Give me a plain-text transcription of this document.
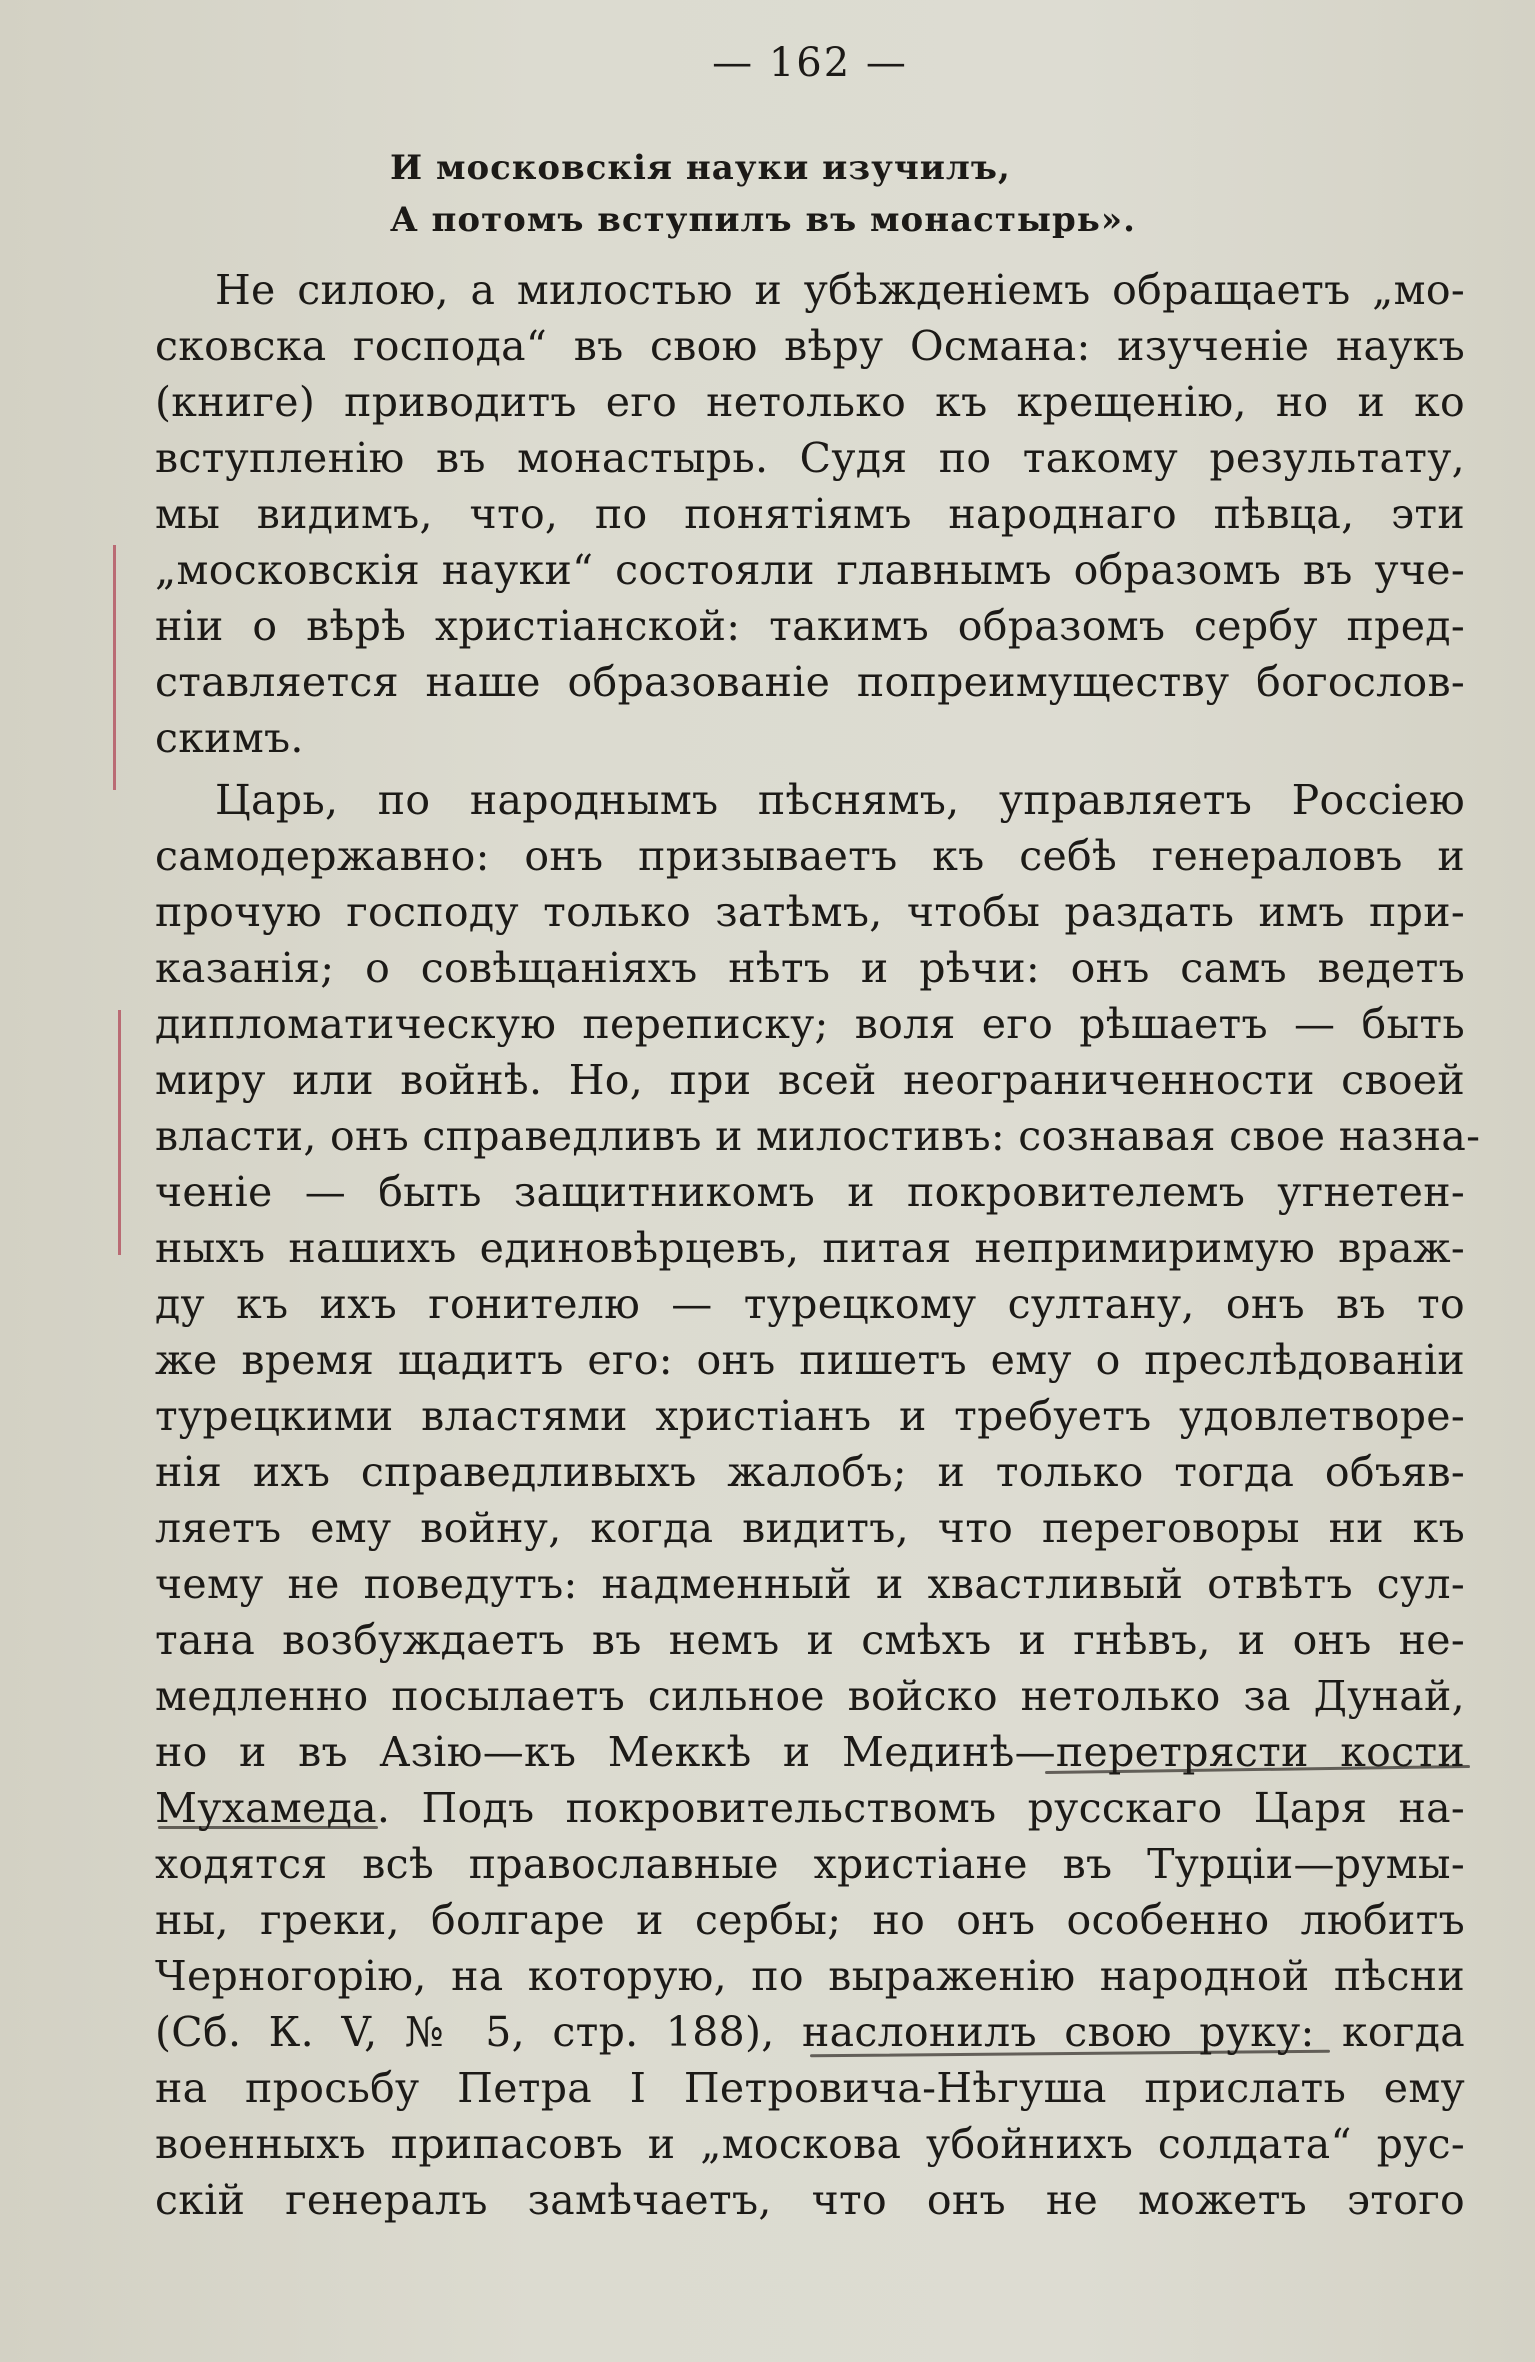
— 162 —
И московскія науки изучилъ,
А потомъ вступилъ въ монастырь».
Не силою, а милостью и убѣжденіемъ обращаетъ „мо-
сковска господа“ въ свою вѣру Османа: изученіе наукъ
(книге) приводитъ его нетолько къ крещенію, но и ко
вступленію въ монастырь. Судя по такому результату,
мы видимъ, что, по понятіямъ народнаго пѣвца, эти
„московскія науки“ состояли главнымъ образомъ въ уче-
ніи о вѣрѣ христіанской: такимъ образомъ сербу пред-
ставляется наше образованіе попреимуществу богослов-
скимъ.
Царь, по народнымъ пѣснямъ, управляетъ Россіею
самодержавно: онъ призываетъ къ себѣ генераловъ и
прочую господу только затѣмъ, чтобы раздать имъ при-
казанія; о совѣщаніяхъ нѣтъ и рѣчи: онъ самъ ведетъ
дипломатическую переписку; воля его рѣшаетъ — быть
миру или войнѣ. Но, при всей неограниченности своей
власти, онъ справедливъ и милостивъ: сознавая свое назна-
ченіе — быть защитникомъ и покровителемъ угнетен-
ныхъ нашихъ единовѣрцевъ, питая непримиримую враж-
ду къ ихъ гонителю — турецкому султану, онъ въ то
же время щадитъ его: онъ пишетъ ему о преслѣдованіи
турецкими властями христіанъ и требуетъ удовлетворе-
нія ихъ справедливыхъ жалобъ; и только тогда объяв-
ляетъ ему войну, когда видитъ, что переговоры ни къ
чему не поведутъ: надменный и хвастливый отвѣтъ сул-
тана возбуждаетъ въ немъ и смѣхъ и гнѣвъ, и онъ не-
медленно посылаетъ сильное войско нетолько за Дунай,
но и въ Азію—къ Меккѣ и Мединѣ—перетрясти кости
Мухамеда. Подъ покровительствомъ русскаго Царя на-
ходятся всѣ православные христіане въ Турціи—румы-
ны, греки, болгаре и сербы; но онъ особенно любитъ
Черногорію, на которую, по выраженію народной пѣсни
(Сб. К. V, № 5, стр. 188), наслонилъ свою руку: когда
на просьбу Петра I Петровича-Нѣгуша прислать ему
военныхъ припасовъ и „москова убойнихъ солдата“ рус-
скій генералъ замѣчаетъ, что онъ не можетъ этого
